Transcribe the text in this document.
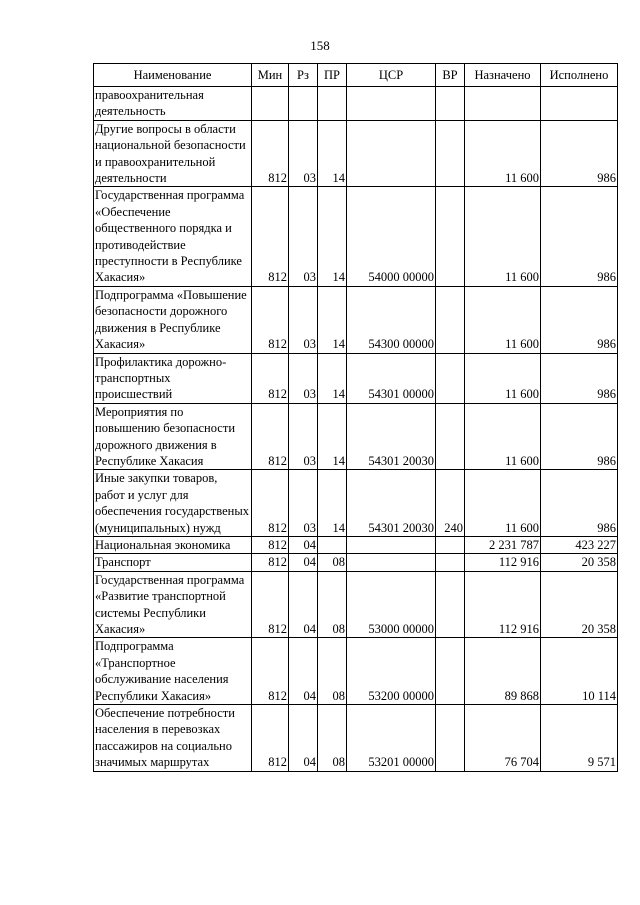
158
Наименование	Мин	Рз	ПР	ЦСР	ВР	Назначено	Исполнено
правоохранительная деятельность							
Другие вопросы в области национальной безопасности и правоохранительной деятельности	812	03	14			11 600	986
Государственная программа «Обеспечение общественного порядка и противодействие преступности в Республике Хакасия»	812	03	14	54000 00000		11 600	986
Подпрограмма «Повышение безопасности дорожного движения в Республике Хакасия»	812	03	14	54300 00000		11 600	986
Профилактика дорожно-транспортных происшествий	812	03	14	54301 00000		11 600	986
Мероприятия по повышению безопасности дорожного движения в Республике Хакасия	812	03	14	54301 20030		11 600	986
Иные закупки товаров, работ и услуг для обеспечения государственых (муниципальных) нужд	812	03	14	54301 20030	240	11 600	986
Национальная экономика	812	04				2 231 787	423 227
Транспорт	812	04	08			112 916	20 358
Государственная программа «Развитие транспортной системы Республики Хакасия»	812	04	08	53000 00000		112 916	20 358
Подпрограмма «Транспортное обслуживание населения Республики Хакасия»	812	04	08	53200 00000		89 868	10 114
Обеспечение потребности населения в перевозках пассажиров на социально значимых маршрутах	812	04	08	53201 00000		76 704	9 571
